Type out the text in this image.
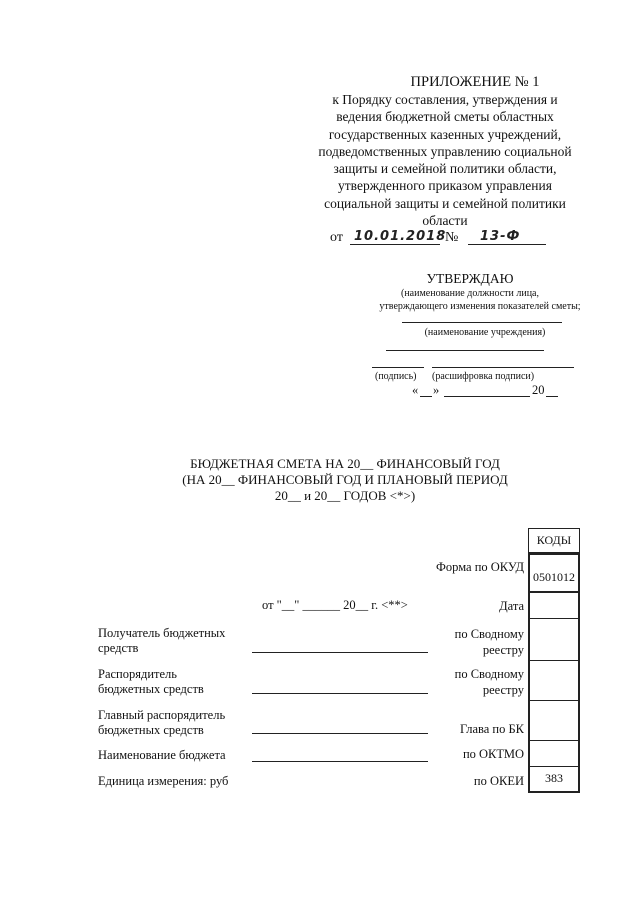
ПРИЛОЖЕНИЕ № 1
к Порядку составления, утверждения и
ведения бюджетной сметы областных
государственных казенных учреждений,
подведомственных управлению социальной
защиты и семейной политики области,
утвержденного приказом управления
социальной защиты и семейной политики
области
от 10.01.2018
№ 13-Ф
УТВЕРЖДАЮ
(наименование должности лица,
утверждающего изменения показателей сметы;
(наименование учреждения)
(подпись) (расшифровка подписи)
« »	20
БЮДЖЕТНАЯ СМЕТА НА 20__ ФИНАНСОВЫЙ ГОД
(НА 20__ ФИНАНСОВЫЙ ГОД И ПЛАНОВЫЙ ПЕРИОД
20__ и 20__ ГОДОВ <*>)
КОДЫ
0501012
383
Форма по ОКУД
Дата
по Сводному реестру
по Сводному реестру
Глава по БК
по ОКТМО
по ОКЕИ
от "__" ______ 20__ г. <**>
Получатель бюджетных средств
Распорядитель бюджетных средств
Главный распорядитель бюджетных средств
Наименование бюджета
Единица измерения: руб
